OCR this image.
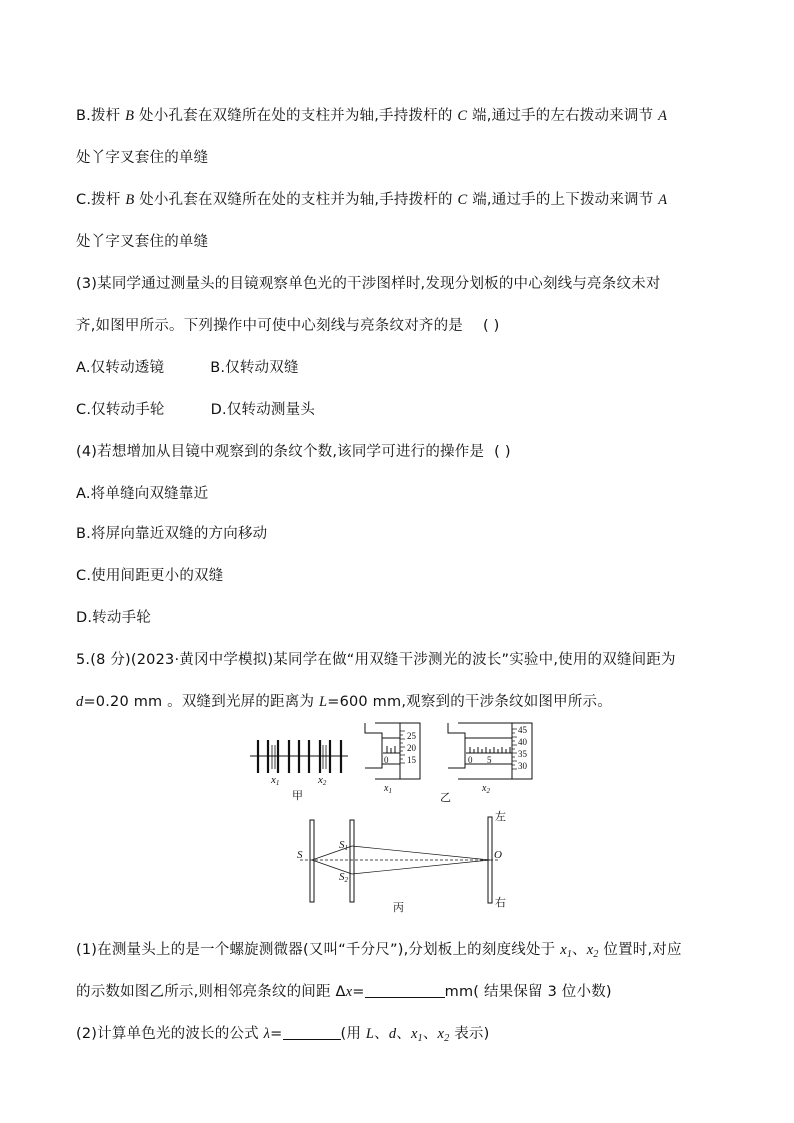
B.拨杆 B 处小孔套在双缝所在处的支柱并为轴,手持拨杆的 C 端,通过手的左右拨动来调节 A
处丫字叉套住的单缝
C.拨杆 B 处小孔套在双缝所在处的支柱并为轴,手持拨杆的 C 端,通过手的上下拨动来调节 A
处丫字叉套住的单缝
(3)某同学通过测量头的目镜观察单色光的干涉图样时,发现分划板的中心刻线与亮条纹未对
齐,如图甲所示。下列操作中可使中心刻线与亮条纹对齐的是 ( )
A.仅转动透镜	B.仅转动双缝
C.仅转动手轮	D.仅转动测量头
(4)若想增加从目镜中观察到的条纹个数,该同学可进行的操作是 ( )
A.将单缝向双缝靠近
B.将屏向靠近双缝的方向移动
C.使用间距更小的双缝
D.转动手轮
5.(8 分)(2023·黄冈中学模拟)某同学在做“用双缝干涉测光的波长”实验中,使用的双缝间距为
d=0.20 mm 。双缝到光屏的距离为 L=600 mm,观察到的干涉条纹如图甲所示。
x1	x2
甲
25
20
15
0
45
40
35
30
0 5
$x_1$	$x_2$
乙
S
S1
S2
O
左
右
丙
(1)在测量头上的是一个螺旋测微器(又叫“千分尺”),分划板上的刻度线处于 $x_1$、$x_2$ 位置时,对应
的示数如图乙所示,则相邻亮条纹的间距 Δx=	mm( 结果保留 3 位小数)
(2)计算单色光的波长的公式 λ=	(用 L、d、$x_1$、$x_2$ 表示)
